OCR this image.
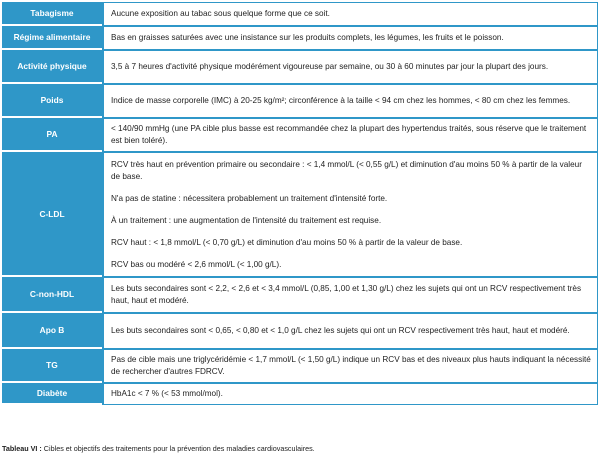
Tabagisme	Aucune exposition au tabac sous quelque forme que ce soit.

Régime alimentaire	Bas en graisses saturées avec une insistance sur les produits complets, les légumes, les fruits et le poisson.

Activité physique	3,5 à 7 heures d'activité physique modérément vigoureuse par semaine, ou 30 à 60 minutes par jour la plupart des jours.

Poids	Indice de masse corporelle (IMC) à 20-25 kg/m²; circonférence à la taille < 94 cm chez les hommes, < 80 cm chez les femmes.

PA	< 140/90 mmHg (une PA cible plus basse est recommandée chez la plupart des hypertendus traités, sous réserve que le traitement est bien toléré).

C-LDL	RCV très haut en prévention primaire ou secondaire : < 1,4 mmol/L (< 0,55 g/L) et diminution d'au moins 50 % à partir de la valeur de base.

N'a pas de statine : nécessitera probablement un traitement d'intensité forte.

À un traitement : une augmentation de l'intensité du traitement est requise.

RCV haut : < 1,8 mmol/L (< 0,70 g/L) et diminution d'au moins 50 % à partir de la valeur de base.

RCV bas ou modéré < 2,6 mmol/L (< 1,00 g/L).

C-non-HDL	Les buts secondaires sont < 2,2, < 2,6 et < 3,4 mmol/L (0,85, 1,00 et 1,30 g/L) chez les sujets qui ont un RCV respectivement très haut, haut et modéré.

Apo B	Les buts secondaires sont < 0,65, < 0,80 et < 1,0 g/L chez les sujets qui ont un RCV respectivement très haut, haut et modéré.

TG	Pas de cible mais une triglycéridémie < 1,7 mmol/L (< 1,50 g/L) indique un RCV bas et des niveaux plus hauts indiquant la nécessité de rechercher d'autres FDRCV.

Diabète	HbA1c < 7 % (< 53 mmol/mol).

Tableau VI : Cibles et objectifs des traitements pour la prévention des maladies cardiovasculaires.
